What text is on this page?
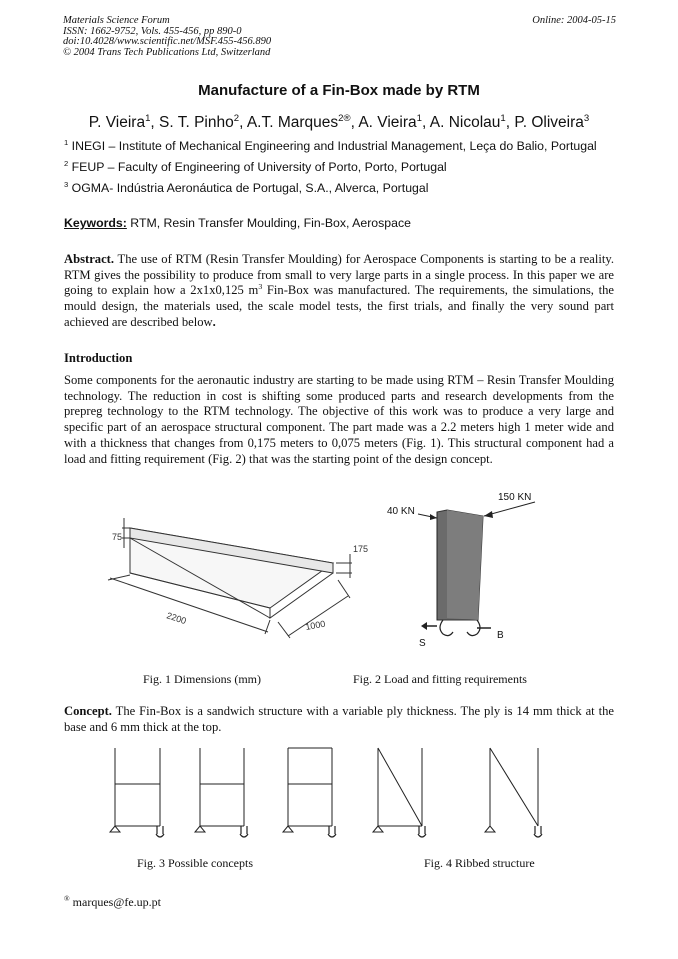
Materials Science Forum
ISSN: 1662-9752, Vols. 455-456, pp 890-0
doi:10.4028/www.scientific.net/MSF.455-456.890
© 2004 Trans Tech Publications Ltd, Switzerland
Online: 2004-05-15
Manufacture of a Fin-Box made by RTM
P. Vieira$^1$, S. T. Pinho$^2$, A.T. Marques$^{2®}$, A. Vieira$^1$, A. Nicolau$^1$, P. Oliveira$^3$
$^1$ INEGI – Institute of Mechanical Engineering and Industrial Management, Leça do Balio, Portugal
$^2$ FEUP – Faculty of Engineering of University of Porto, Porto, Portugal
$^3$ OGMA- Indústria Aeronáutica de Portugal, S.A., Alverca, Portugal
Keywords: RTM, Resin Transfer Moulding, Fin-Box, Aerospace
Abstract. The use of RTM (Resin Transfer Moulding) for Aerospace Components is starting to be a reality. RTM gives the possibility to produce from small to very large parts in a single process. In this paper we are going to explain how a 2x1x0,125 $m^3$ Fin-Box was manufactured. The requirements, the simulations, the mould design, the materials used, the scale model tests, the first trials, and finally the very sound part achieved are described below.
Introduction
Some components for the aeronautic industry are starting to be made using RTM – Resin Transfer Moulding technology. The reduction in cost is shifting some produced parts and research developments from the prepreg technology to the RTM technology. The objective of this work was to produce a very large and specific part of an aerospace structural component. The part made was a 2.2 meters high 1 meter wide and with a thickness that changes from 0,175 meters to 0,075 meters (Fig. 1). This structural component had a load and fitting requirement (Fig. 2) that was the starting point of the design concept.
75
175
2200	1000
40 KN
150 KN
S
B
Fig. 1 Dimensions (mm)	Fig. 2 Load and fitting requirements
Concept. The Fin-Box is a sandwich structure with a variable ply thickness. The ply is 14 mm thick at the base and 6 mm thick at the top.
Fig. 3 Possible concepts	Fig. 4 Ribbed structure
® marques@fe.up.pt
